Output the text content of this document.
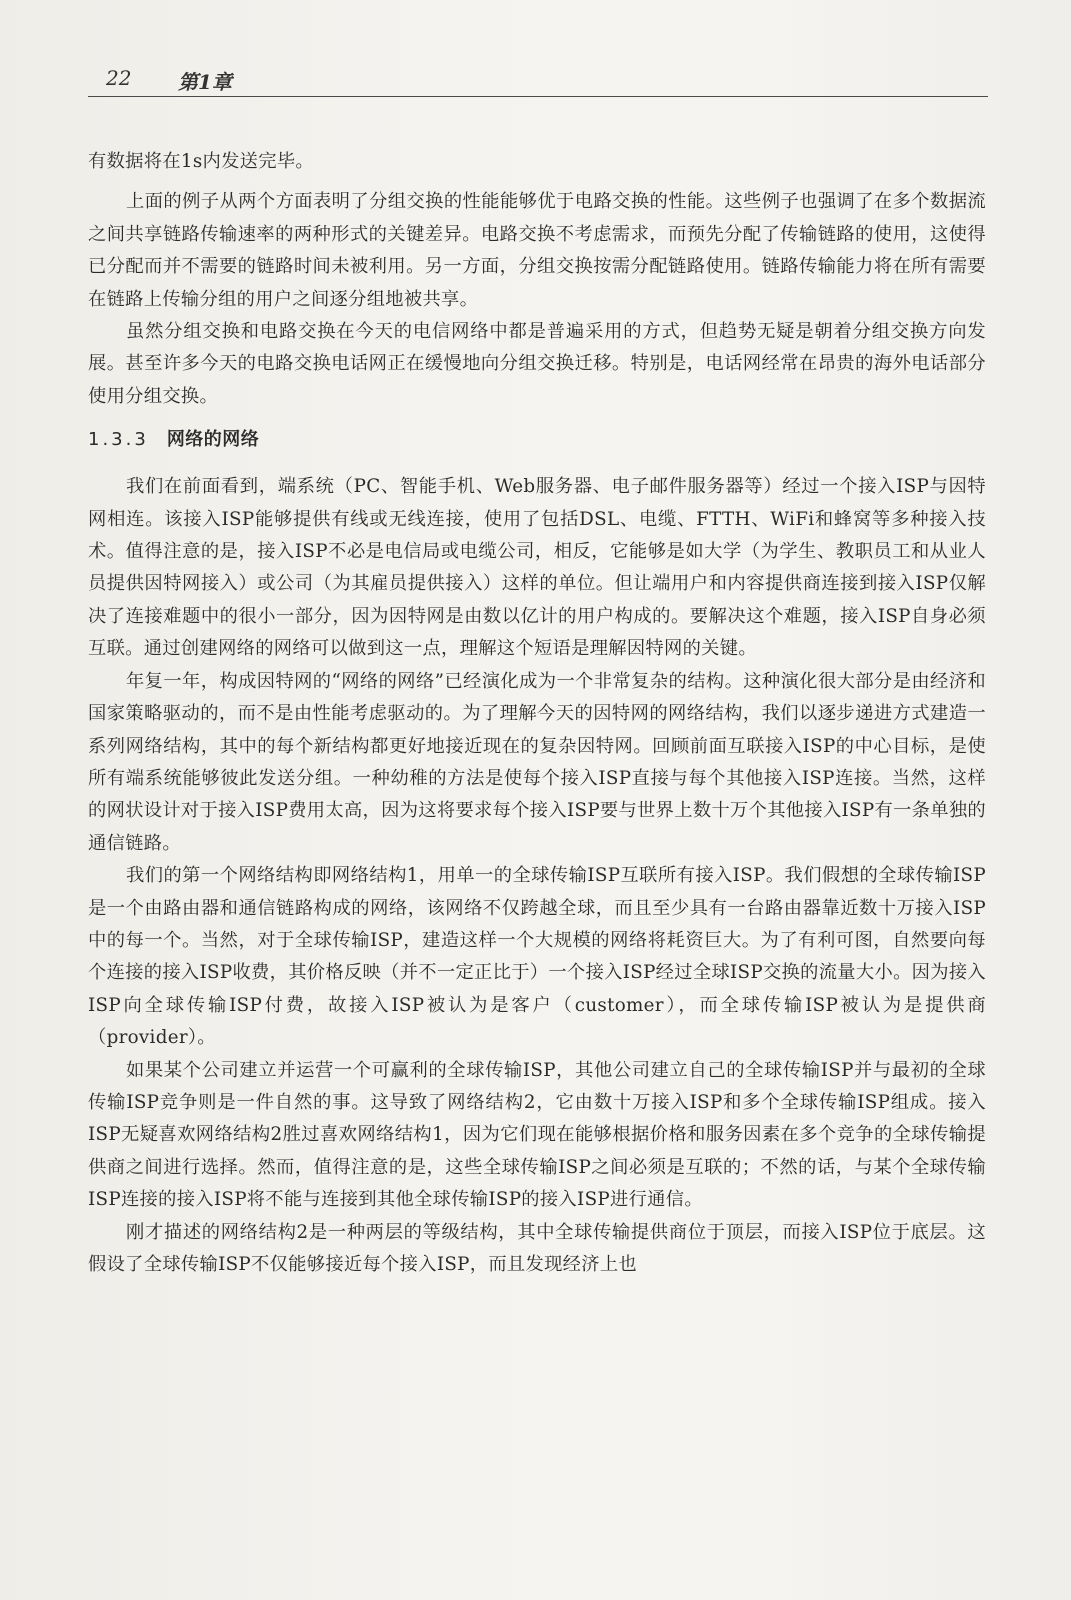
22 第1章

有数据将在1s内发送完毕。

上面的例子从两个方面表明了分组交换的性能能够优于电路交换的性能。这些例子也强调了在多个数据流之间共享链路传输速率的两种形式的关键差异。电路交换不考虑需求，而预先分配了传输链路的使用，这使得已分配而并不需要的链路时间未被利用。另一方面，分组交换按需分配链路使用。链路传输能力将在所有需要在链路上传输分组的用户之间逐分组地被共享。

虽然分组交换和电路交换在今天的电信网络中都是普遍采用的方式，但趋势无疑是朝着分组交换方向发展。甚至许多今天的电路交换电话网正在缓慢地向分组交换迁移。特别是，电话网经常在昂贵的海外电话部分使用分组交换。

1.3.3 网络的网络

我们在前面看到，端系统（PC、智能手机、Web服务器、电子邮件服务器等）经过一个接入ISP与因特网相连。该接入ISP能够提供有线或无线连接，使用了包括DSL、电缆、FTTH、WiFi和蜂窝等多种接入技术。值得注意的是，接入ISP不必是电信局或电缆公司，相反，它能够是如大学（为学生、教职员工和从业人员提供因特网接入）或公司（为其雇员提供接入）这样的单位。但让端用户和内容提供商连接到接入ISP仅解决了连接难题中的很小一部分，因为因特网是由数以亿计的用户构成的。要解决这个难题，接入ISP自身必须互联。通过创建网络的网络可以做到这一点，理解这个短语是理解因特网的关键。

年复一年，构成因特网的“网络的网络”已经演化成为一个非常复杂的结构。这种演化很大部分是由经济和国家策略驱动的，而不是由性能考虑驱动的。为了理解今天的因特网的网络结构，我们以逐步递进方式建造一系列网络结构，其中的每个新结构都更好地接近现在的复杂因特网。回顾前面互联接入ISP的中心目标，是使所有端系统能够彼此发送分组。一种幼稚的方法是使每个接入ISP直接与每个其他接入ISP连接。当然，这样的网状设计对于接入ISP费用太高，因为这将要求每个接入ISP要与世界上数十万个其他接入ISP有一条单独的通信链路。

我们的第一个网络结构即网络结构1，用单一的全球传输ISP互联所有接入ISP。我们假想的全球传输ISP是一个由路由器和通信链路构成的网络，该网络不仅跨越全球，而且至少具有一台路由器靠近数十万接入ISP中的每一个。当然，对于全球传输ISP，建造这样一个大规模的网络将耗资巨大。为了有利可图，自然要向每个连接的接入ISP收费，其价格反映（并不一定正比于）一个接入ISP经过全球ISP交换的流量大小。因为接入ISP向全球传输ISP付费，故接入ISP被认为是客户（customer），而全球传输ISP被认为是提供商（provider）。

如果某个公司建立并运营一个可赢利的全球传输ISP，其他公司建立自己的全球传输ISP并与最初的全球传输ISP竞争则是一件自然的事。这导致了网络结构2，它由数十万接入ISP和多个全球传输ISP组成。接入ISP无疑喜欢网络结构2胜过喜欢网络结构1，因为它们现在能够根据价格和服务因素在多个竞争的全球传输提供商之间进行选择。然而，值得注意的是，这些全球传输ISP之间必须是互联的；不然的话，与某个全球传输ISP连接的接入ISP将不能与连接到其他全球传输ISP的接入ISP进行通信。

刚才描述的网络结构2是一种两层的等级结构，其中全球传输提供商位于顶层，而接入ISP位于底层。这假设了全球传输ISP不仅能够接近每个接入ISP，而且发现经济上也
